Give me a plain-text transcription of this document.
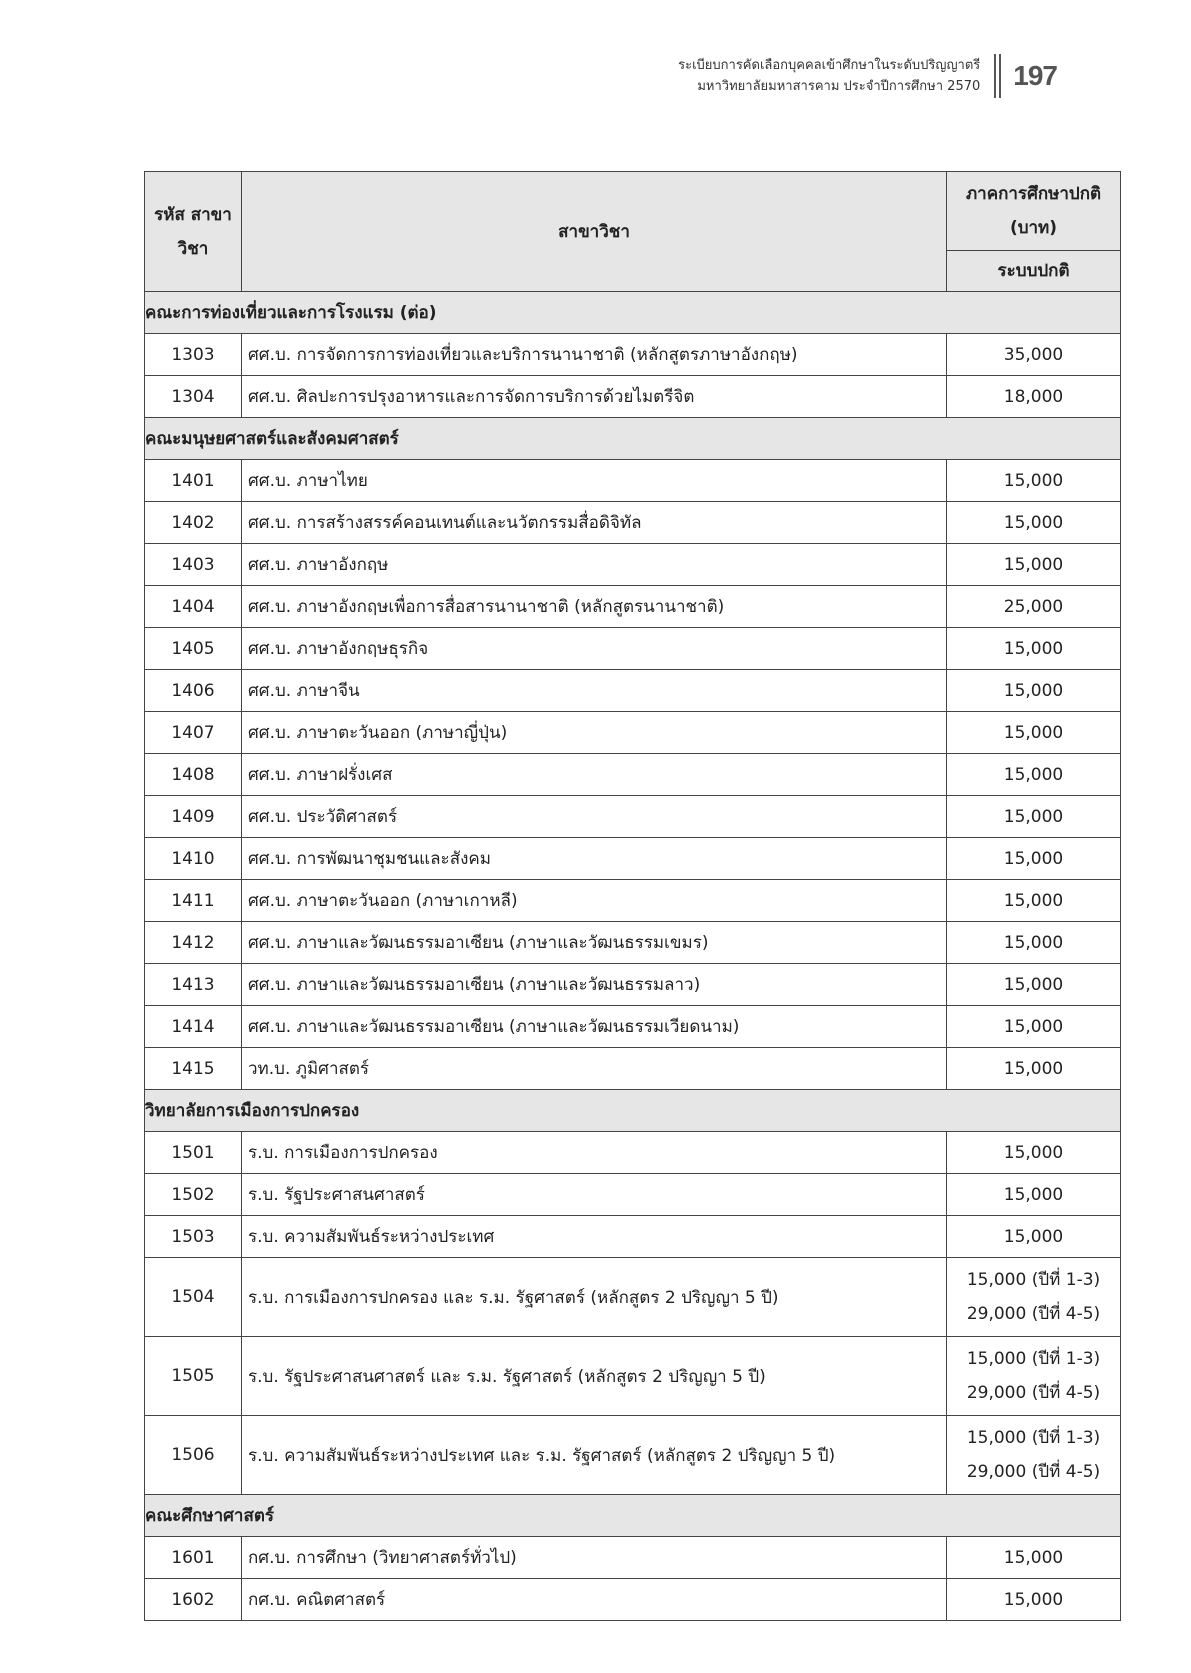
ระเบียบการคัดเลือกบุคคลเข้าศึกษาในระดับปริญญาตรี
มหาวิทยาลัยมหาสารคาม ประจำปีการศึกษา 2570 197
รหัส สาขาวิชา	สาขาวิชา	ภาคการศึกษาปกติ (บาท)
		ระบบปกติ
คณะการท่องเที่ยวและการโรงแรม (ต่อ)		
1303	ศศ.บ. การจัดการการท่องเที่ยวและบริการนานาชาติ (หลักสูตรภาษาอังกฤษ)	35,000

1304	ศศ.บ. ศิลปะการปรุงอาหารและการจัดการบริการด้วยไมตรีจิต	18,000

คณะมนุษยศาสตร์และสังคมศาสตร์		
1401	ศศ.บ. ภาษาไทย	15,000

1402	ศศ.บ. การสร้างสรรค์คอนเทนต์และนวัตกรรมสื่อดิจิทัล	15,000

1403	ศศ.บ. ภาษาอังกฤษ	15,000

1404	ศศ.บ. ภาษาอังกฤษเพื่อการสื่อสารนานาชาติ (หลักสูตรนานาชาติ)	25,000

1405	ศศ.บ. ภาษาอังกฤษธุรกิจ	15,000

1406	ศศ.บ. ภาษาจีน	15,000

1407	ศศ.บ. ภาษาตะวันออก (ภาษาญี่ปุ่น)	15,000

1408	ศศ.บ. ภาษาฝรั่งเศส	15,000

1409	ศศ.บ. ประวัติศาสตร์	15,000

1410	ศศ.บ. การพัฒนาชุมชนและสังคม	15,000

1411	ศศ.บ. ภาษาตะวันออก (ภาษาเกาหลี)	15,000

1412	ศศ.บ. ภาษาและวัฒนธรรมอาเซียน (ภาษาและวัฒนธรรมเขมร)	15,000

1413	ศศ.บ. ภาษาและวัฒนธรรมอาเซียน (ภาษาและวัฒนธรรมลาว)	15,000

1414	ศศ.บ. ภาษาและวัฒนธรรมอาเซียน (ภาษาและวัฒนธรรมเวียดนาม)	15,000

1415	วท.บ. ภูมิศาสตร์	15,000

วิทยาลัยการเมืองการปกครอง		
1501	ร.บ. การเมืองการปกครอง	15,000

1502	ร.บ. รัฐประศาสนศาสตร์	15,000

1503	ร.บ. ความสัมพันธ์ระหว่างประเทศ	15,000

1504	ร.บ. การเมืองการปกครอง และ ร.ม. รัฐศาสตร์ (หลักสูตร 2 ปริญญา 5 ปี)	15,000 (ปีที่ 1-3)
29,000 (ปีที่ 4-5)

1505	ร.บ. รัฐประศาสนศาสตร์ และ ร.ม. รัฐศาสตร์ (หลักสูตร 2 ปริญญา 5 ปี)	15,000 (ปีที่ 1-3)
29,000 (ปีที่ 4-5)

1506	ร.บ. ความสัมพันธ์ระหว่างประเทศ และ ร.ม. รัฐศาสตร์ (หลักสูตร 2 ปริญญา 5 ปี)	15,000 (ปีที่ 1-3)
29,000 (ปีที่ 4-5)

คณะศึกษาศาสตร์		
1601	กศ.บ. การศึกษา (วิทยาศาสตร์ทั่วไป)	15,000

1602	กศ.บ. คณิตศาสตร์	15,000
